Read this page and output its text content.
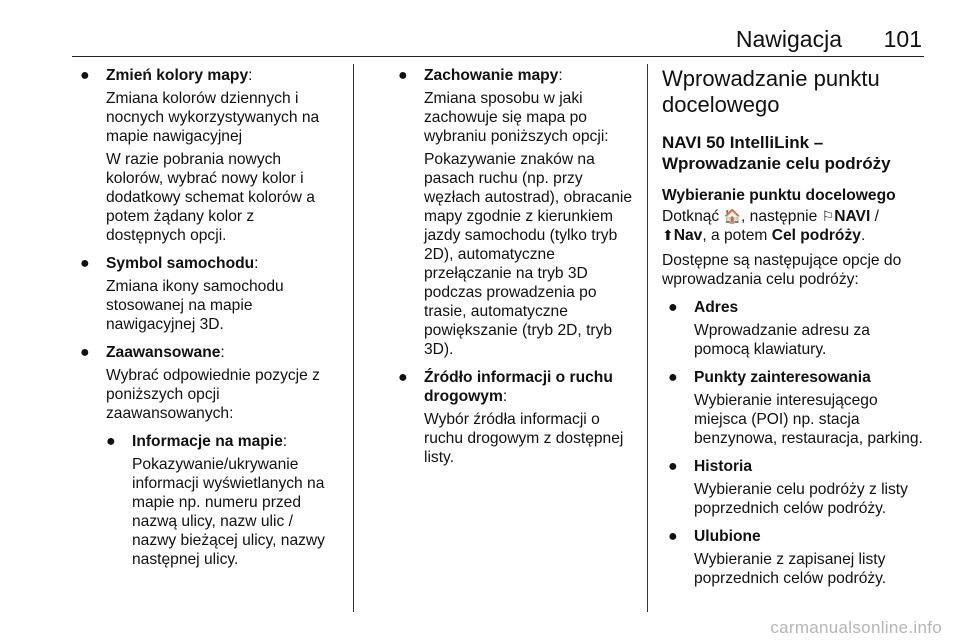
Nawigacja 101
●	Zmień kolory mapy:
Zmiana kolorów dziennych i nocnych wykorzystywanych na mapie nawigacyjnej
W razie pobrania nowych kolorów, wybrać nowy kolor i dodatkowy schemat kolorów a potem żądany kolor z dostępnych opcji.
●	Symbol samochodu:
Zmiana ikony samochodu stosowanej na mapie nawigacyjnej 3D.
●	Zaawansowane:
Wybrać odpowiednie pozycje z poniższych opcji zaawansowanych:
●	Informacje na mapie:
Pokazywanie/ukrywanie informacji wyświetlanych na mapie np. numeru przed nazwą ulicy, nazw ulic / nazwy bieżącej ulicy, nazwy następnej ulicy.
●	Zachowanie mapy:
Zmiana sposobu w jaki zachowuje się mapa po wybraniu poniższych opcji:
Pokazywanie znaków na pasach ruchu (np. przy węzłach autostrad), obracanie mapy zgodnie z kierunkiem jazdy samochodu (tylko tryb 2D), automatyczne przełączanie na tryb 3D podczas prowadzenia po trasie, automatyczne powiększanie (tryb 2D, tryb 3D).
●	Źródło informacji o ruchu drogowym:
Wybór źródła informacji o ruchu drogowym z dostępnej listy.
Wprowadzanie punktu docelowego
NAVI 50 IntelliLink – Wprowadzanie celu podróży
Wybieranie punktu docelowego
Dotknąć 🏠, następnie ⚐NAVI / ⬆Nav, a potem Cel podróży.
Dostępne są następujące opcje do wprowadzania celu podróży:
●	Adres
Wprowadzanie adresu za pomocą klawiatury.
●	Punkty zainteresowania
Wybieranie interesującego miejsca (POI) np. stacja benzynowa, restauracja, parking.
●	Historia
Wybieranie celu podróży z listy poprzednich celów podróży.
●	Ulubione
Wybieranie z zapisanej listy poprzednich celów podróży.
carmanualsonline.info
